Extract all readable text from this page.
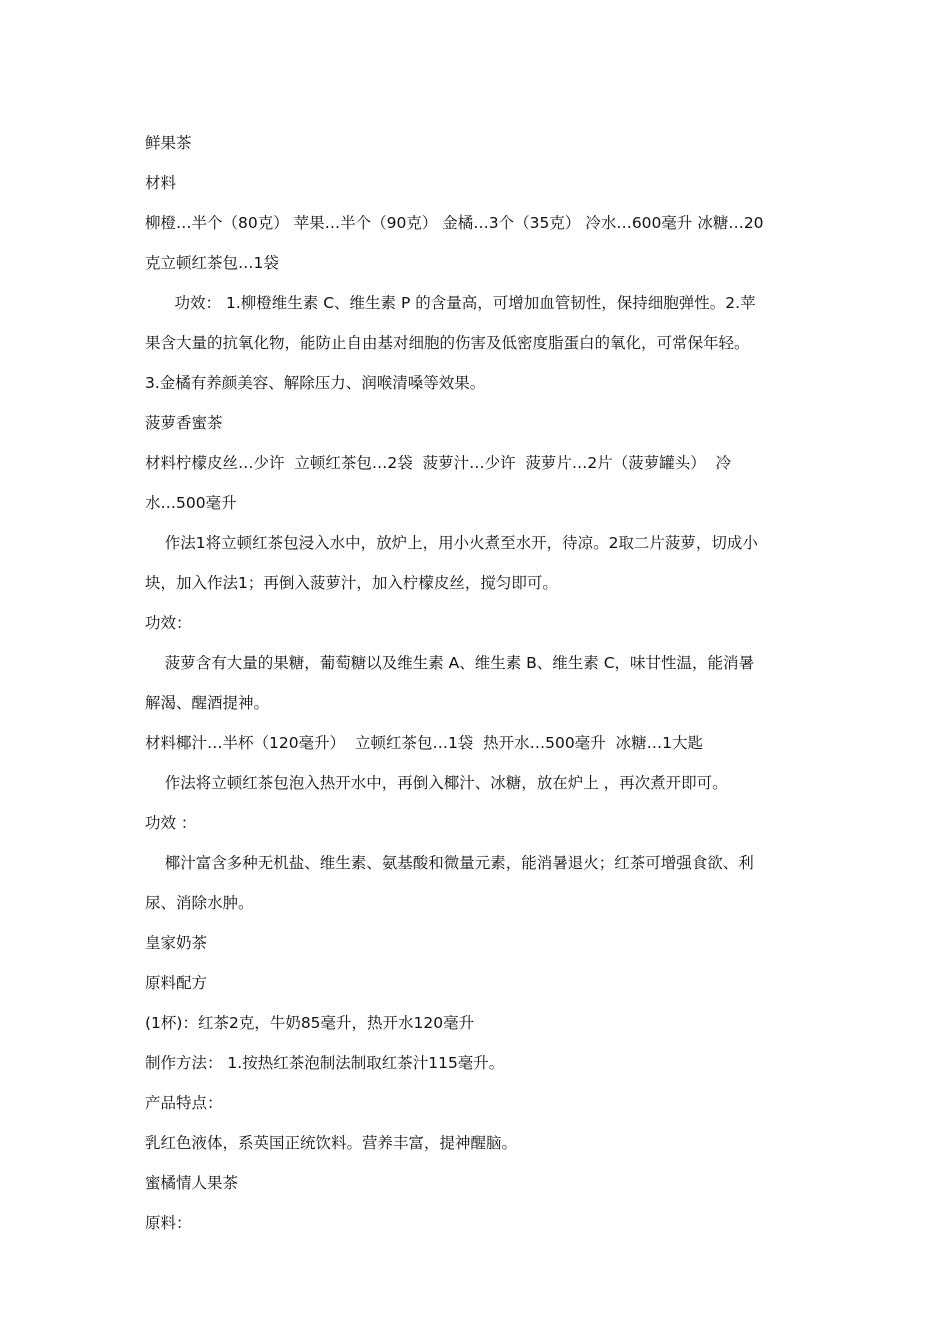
鲜果茶
材料
柳橙…半个（80克） 苹果…半个（90克） 金橘…3个（35克） 冷水…600毫升 冰糖…20
克立顿红茶包…1袋
功效： 1.柳橙维生素 C、维生素 P 的含量高，可增加血管韧性，保持细胞弹性。2.苹
果含大量的抗氧化物，能防止自由基对细胞的伤害及低密度脂蛋白的氧化，可常保年轻。
3.金橘有养颜美容、解除压力、润喉清嗓等效果。
菠萝香蜜茶
材料柠檬皮丝…少许  立顿红茶包…2袋  菠萝汁…少许  菠萝片…2片（菠萝罐头）  冷
水…500毫升
作法1将立顿红茶包浸入水中，放炉上，用小火煮至水开，待凉。2取二片菠萝，切成小
块，加入作法1；再倒入菠萝汁，加入柠檬皮丝，搅匀即可。
功效：
菠萝含有大量的果糖，葡萄糖以及维生素 A、维生素 B、维生素 C，味甘性温，能消暑
解渴、醒酒提神。
材料椰汁…半杯（120毫升）  立顿红茶包…1袋  热开水…500毫升  冰糖…1大匙
作法将立顿红茶包泡入热开水中，再倒入椰汁、冰糖，放在炉上 ，再次煮开即可。
功效 ：
椰汁富含多种无机盐、维生素、氨基酸和微量元素，能消暑退火；红茶可增强食欲、利
尿、消除水肿。
皇家奶茶
原料配方
(1杯)：红茶2克，牛奶85毫升，热开水120毫升
制作方法： 1.按热红茶泡制法制取红茶汁115毫升。
产品特点：
乳红色液体，系英国正统饮料。营养丰富，提神醒脑。
蜜橘情人果茶
原料：
